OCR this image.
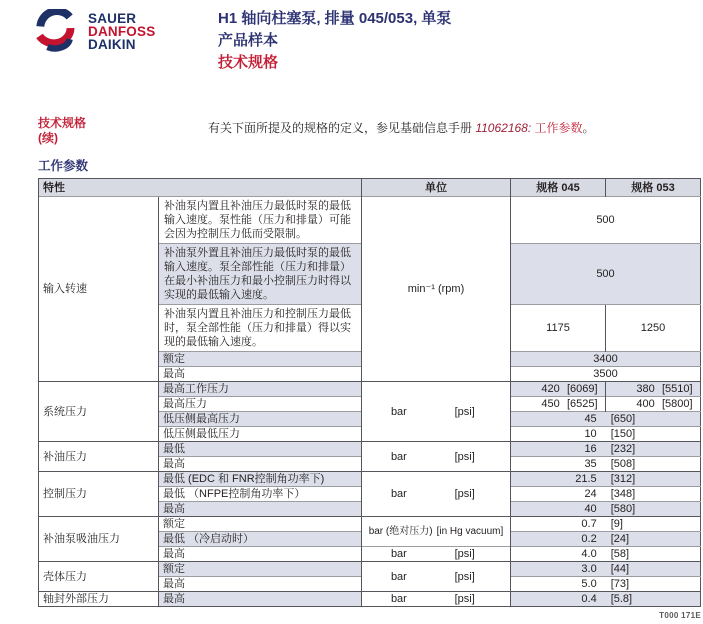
SAUER
DANFOSS
DAIKIN
H1 轴向柱塞泵, 排量 045/053, 单泵
产品样本
技术规格
技术规格
(续)
有关下面所提及的规格的定义，参见基础信息手册 11062168: 工作参数。
工作参数
特性		单位	规格 045	规格 053
输入转速	补油泵内置且补油压力最低时泵的最低输入速度。泵性能（压力和排量）可能会因为控制压力低而受限制。	min⁻¹ (rpm)	500	
	补油泵外置且补油压力最低时泵的最低输入速度。泵全部性能（压力和排量）在最小补油压力和最小控制压力时得以实现的最低输入速度。		500	
	补油泵内置且补油压力和控制压力最低时，泵全部性能（压力和排量）得以实现的最低输入速度。		1175	1250
	额定		3400	
	最高		3500	
系统压力	最高工作压力	bar [psi]	420 [6069]	380 [5510]
	最高压力		450 [6525]	400 [5800]
	低压侧最高压力		45 [650]	
	低压侧最低压力		10 [150]	
补油压力	最低	bar [psi]	16 [232]	
	最高		35 [508]	
控制压力	最低 (EDC 和 FNR控制角功率下)	bar [psi]	21.5 [312]	
	最低 （NFPE控制角功率下）		24 [348]	
	最高		40 [580]	
补油泵吸油压力	额定	bar (绝对压力) [in Hg vacuum]	0.7 [9]	
	最低 （冷启动时）		0.2 [24]	
	最高	bar [psi]	4.0 [58]	
壳体压力	额定	bar [psi]	3.0 [44]	
	最高		5.0 [73]	
轴封外部压力	最高	bar [psi]	0.4 [5.8]	
T000 171E
